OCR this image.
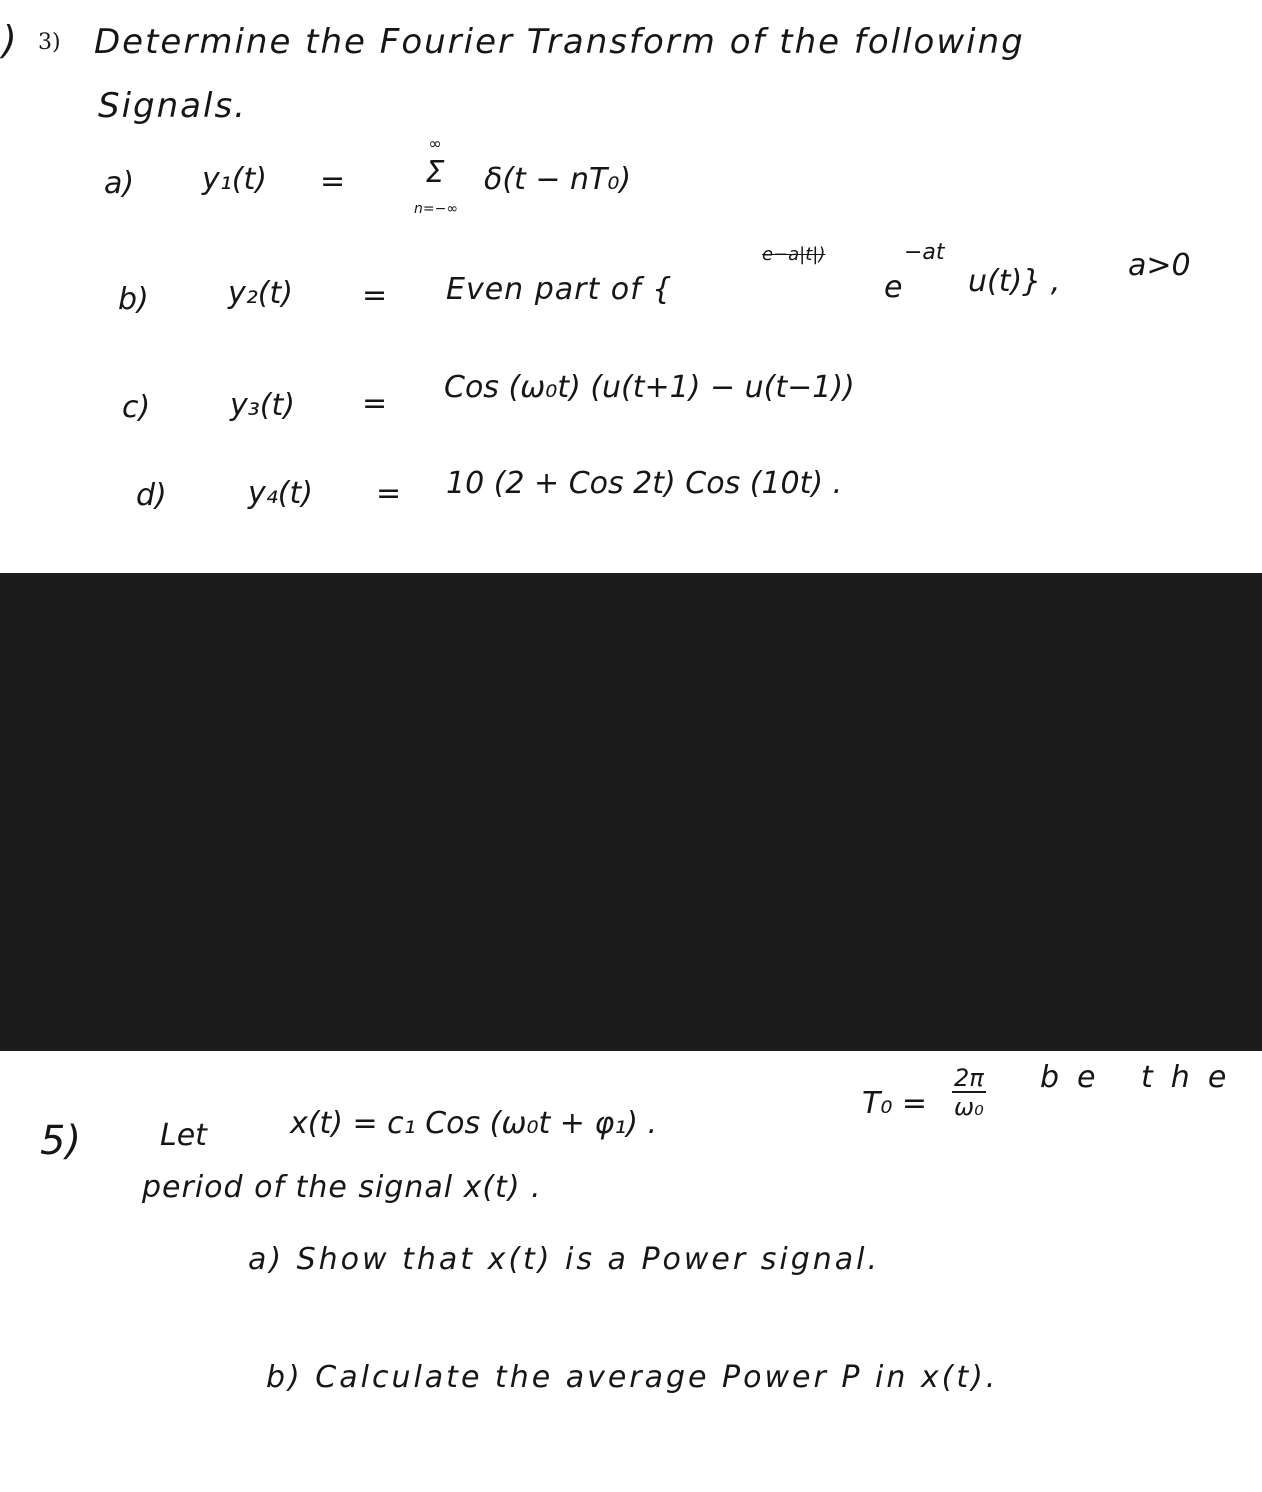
) 3) Determine the Fourier Transform of the following
Signals.
a) y₁(t) =
∞
Σ
n=−∞
δ(t − nT₀)
b)	y₂(t) = Even part of {
e−a|t|)
e
−at
u(t)} , a>0
c)	y₃(t) = Cos (ω₀t) (u(t+1) − u(t−1))
d)	y₄(t) = 10 (2 + Cos 2t) Cos (10t) .
5)	Let	x(t) = c₁ Cos (ω₀t + φ₁) .
$T_0 = \frac{2\pi}{\text{ω₀}}$ be the
period of the signal x(t) .
a) Show that x(t) is a Power signal.
b) Calculate the average Power P in x(t).
